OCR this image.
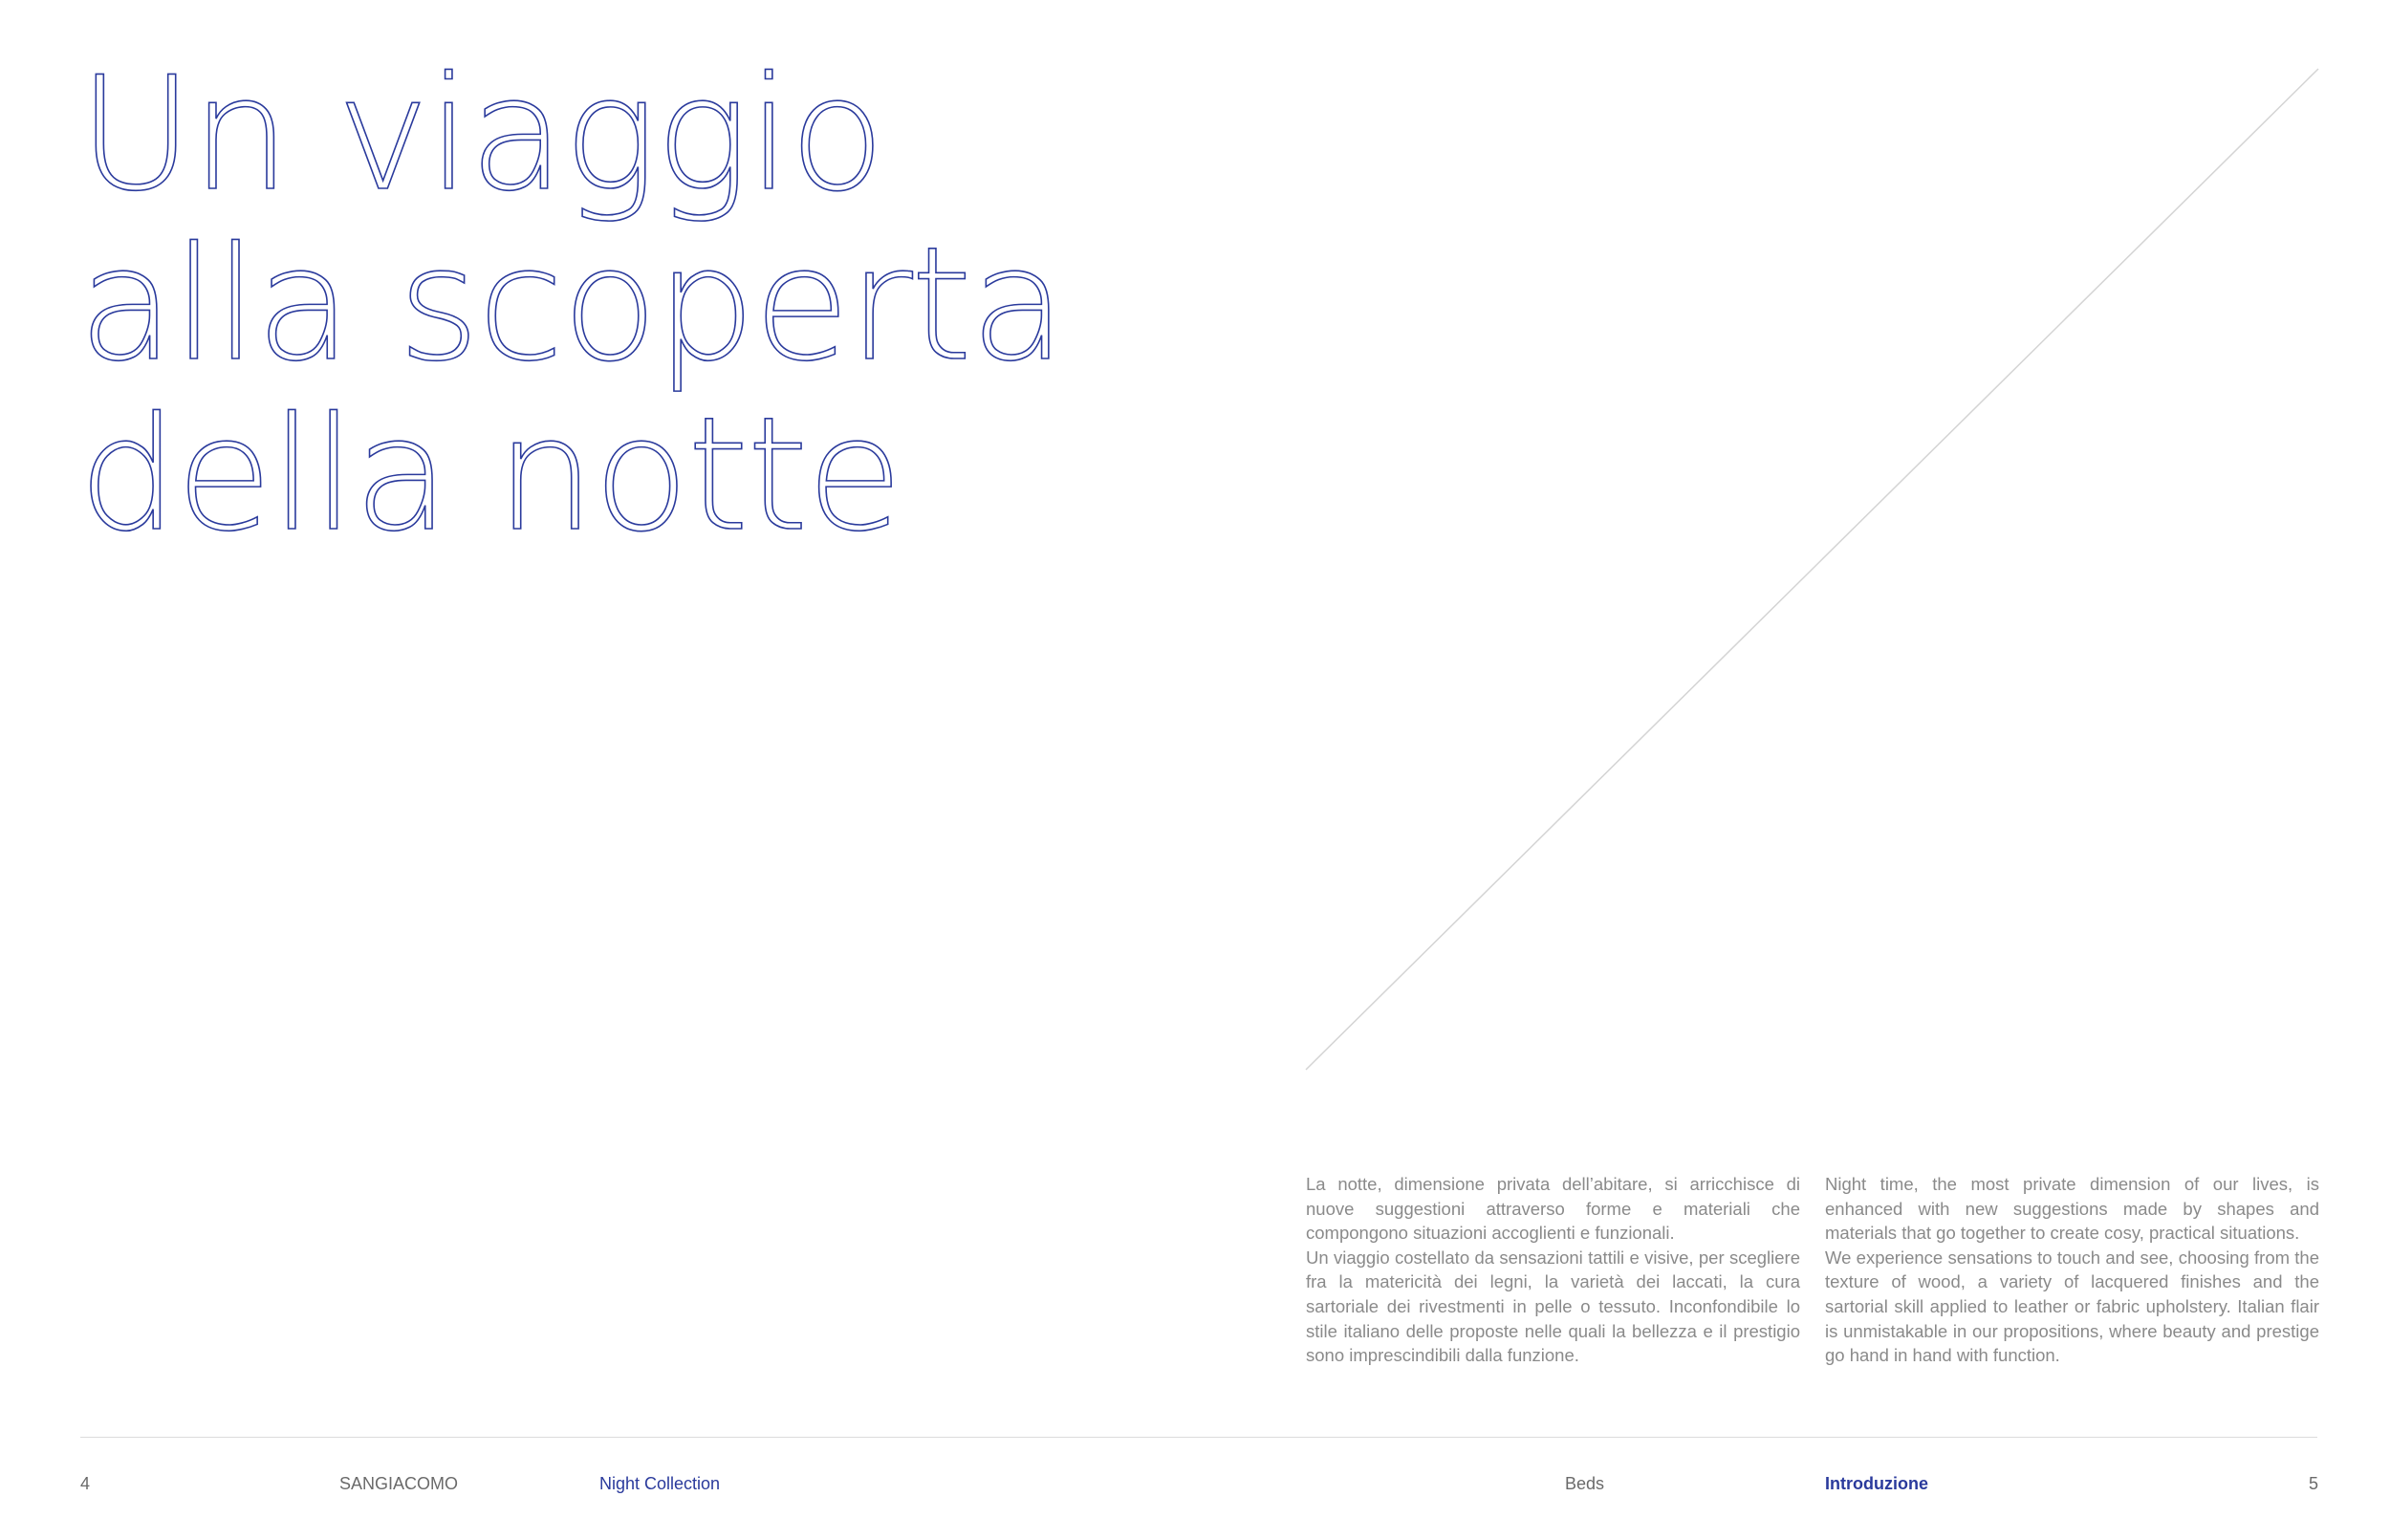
Un viaggio
alla scoperta
della notte

La notte, dimensione privata dell’abitare, si arricchisce di nuove suggestioni attraverso forme e materiali che compongono situazioni accoglienti e funzionali.

Un viaggio costellato da sensazioni tattili e visive, per scegliere fra la matericità dei legni, la varietà dei laccati, la cura sartoriale dei rivestmenti in pelle o tessuto. Inconfondibile lo stile italiano delle proposte nelle quali la bellezza e il prestigio sono imprescindibili dalla funzione.

Night time, the most private dimension of our lives, is enhanced with new suggestions made by shapes and materials that go together to create cosy, practical situations.

We experience sensations to touch and see, choosing from the texture of wood, a variety of lacquered finishes and the sartorial skill applied to leather or fabric upholstery. Italian flair is unmistakable in our propositions, where beauty and prestige go hand in hand with function.

4	SANGIACOMO	Night Collection	Beds	Introduzione	5
